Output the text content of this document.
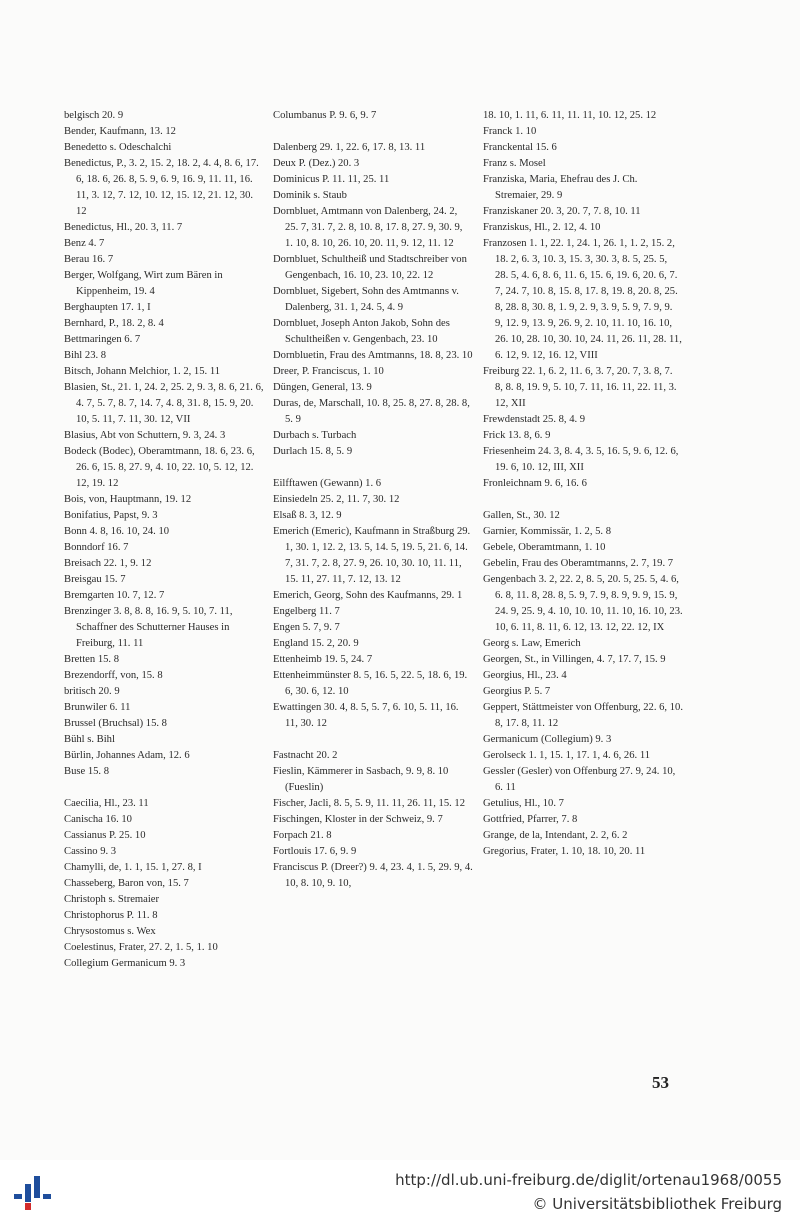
belgisch 20. 9
Bender, Kaufmann, 13. 12
Benedetto s. Odeschalchi
Benedictus, P., 3. 2, 15. 2, 18. 2, 4. 4, 8. 6, 17. 6, 18. 6, 26. 8, 5. 9, 6. 9, 16. 9, 11. 11, 16. 11, 3. 12, 7. 12, 10. 12, 15. 12, 21. 12, 30. 12
Benedictus, Hl., 20. 3, 11. 7
Benz 4. 7
Berau 16. 7
Berger, Wolfgang, Wirt zum Bären in Kippenheim, 19. 4
Berghaupten 17. 1, I
Bernhard, P., 18. 2, 8. 4
Bettmaringen 6. 7
Bihl 23. 8
Bitsch, Johann Melchior, 1. 2, 15. 11
Blasien, St., 21. 1, 24. 2, 25. 2, 9. 3, 8. 6, 21. 6, 4. 7, 5. 7, 8. 7, 14. 7, 4. 8, 31. 8, 15. 9, 20. 10, 5. 11, 7. 11, 30. 12, VII
Blasius, Abt von Schuttern, 9. 3, 24. 3
Bodeck (Bodec), Oberamtmann, 18. 6, 23. 6, 26. 6, 15. 8, 27. 9, 4. 10, 22. 10, 5. 12, 12. 12, 19. 12
Bois, von, Hauptmann, 19. 12
Bonifatius, Papst, 9. 3
Bonn 4. 8, 16. 10, 24. 10
Bonndorf 16. 7
Breisach 22. 1, 9. 12
Breisgau 15. 7
Bremgarten 10. 7, 12. 7
Brenzinger 3. 8, 8. 8, 16. 9, 5. 10, 7. 11, Schaffner des Schutterner Hauses in Freiburg, 11. 11
Bretten 15. 8
Brezendorff, von, 15. 8
britisch 20. 9
Brunwiler 6. 11
Brussel (Bruchsal) 15. 8
Bühl s. Bihl
Bürlin, Johannes Adam, 12. 6
Buse 15. 8
Caecilia, Hl., 23. 11
Canischa 16. 10
Cassianus P. 25. 10
Cassino 9. 3
Chamylli, de, 1. 1, 15. 1, 27. 8, I
Chasseberg, Baron von, 15. 7
Christoph s. Stremaier
Christophorus P. 11. 8
Chrysostomus s. Wex
Coelestinus, Frater, 27. 2, 1. 5, 1. 10
Collegium Germanicum 9. 3
Columbanus P. 9. 6, 9. 7
Dalenberg 29. 1, 22. 6, 17. 8, 13. 11
Deux P. (Dez.) 20. 3
Dominicus P. 11. 11, 25. 11
Dominik s. Staub
Dornbluet, Amtmann von Dalenberg, 24. 2, 25. 7, 31. 7, 2. 8, 10. 8, 17. 8, 27. 9, 30. 9, 1. 10, 8. 10, 26. 10, 20. 11, 9. 12, 11. 12
Dornbluet, Schultheiß und Stadtschreiber von Gengenbach, 16. 10, 23. 10, 22. 12
Dornbluet, Sigebert, Sohn des Amtmanns v. Dalenberg, 31. 1, 24. 5, 4. 9
Dornbluet, Joseph Anton Jakob, Sohn des Schultheißen v. Gengenbach, 23. 10
Dornbluetin, Frau des Amtmanns, 18. 8, 23. 10
Dreer, P. Franciscus, 1. 10
Düngen, General, 13. 9
Duras, de, Marschall, 10. 8, 25. 8, 27. 8, 28. 8, 5. 9
Durbach s. Turbach
Durlach 15. 8, 5. 9
Eilfftawen (Gewann) 1. 6
Einsiedeln 25. 2, 11. 7, 30. 12
Elsaß 8. 3, 12. 9
Emerich (Emeric), Kaufmann in Straßburg 29. 1, 30. 1, 12. 2, 13. 5, 14. 5, 19. 5, 21. 6, 14. 7, 31. 7, 2. 8, 27. 9, 26. 10, 30. 10, 11. 11, 15. 11, 27. 11, 7. 12, 13. 12
Emerich, Georg, Sohn des Kaufmanns, 29. 1
Engelberg 11. 7
Engen 5. 7, 9. 7
England 15. 2, 20. 9
Ettenheimb 19. 5, 24. 7
Ettenheimmünster 8. 5, 16. 5, 22. 5, 18. 6, 19. 6, 30. 6, 12. 10
Ewattingen 30. 4, 8. 5, 5. 7, 6. 10, 5. 11, 16. 11, 30. 12
Fastnacht 20. 2
Fieslin, Kämmerer in Sasbach, 9. 9, 8. 10 (Fueslin)
Fischer, Jacli, 8. 5, 5. 9, 11. 11, 26. 11, 15. 12
Fischingen, Kloster in der Schweiz, 9. 7
Forpach 21. 8
Fortlouis 17. 6, 9. 9
Franciscus P. (Dreer?) 9. 4, 23. 4, 1. 5, 29. 9, 4. 10, 8. 10, 9. 10,
18. 10, 1. 11, 6. 11, 11. 11, 10. 12, 25. 12
Franck 1. 10
Franckental 15. 6
Franz s. Mosel
Franziska, Maria, Ehefrau des J. Ch. Stremaier, 29. 9
Franziskaner 20. 3, 20. 7, 7. 8, 10. 11
Franziskus, Hl., 2. 12, 4. 10
Franzosen 1. 1, 22. 1, 24. 1, 26. 1, 1. 2, 15. 2, 18. 2, 6. 3, 10. 3, 15. 3, 30. 3, 8. 5, 25. 5, 28. 5, 4. 6, 8. 6, 11. 6, 15. 6, 19. 6, 20. 6, 7. 7, 24. 7, 10. 8, 15. 8, 17. 8, 19. 8, 20. 8, 25. 8, 28. 8, 30. 8, 1. 9, 2. 9, 3. 9, 5. 9, 7. 9, 9. 9, 12. 9, 13. 9, 26. 9, 2. 10, 11. 10, 16. 10, 26. 10, 28. 10, 30. 10, 24. 11, 26. 11, 28. 11, 6. 12, 9. 12, 16. 12, VIII
Freiburg 22. 1, 6. 2, 11. 6, 3. 7, 20. 7, 3. 8, 7. 8, 8. 8, 19. 9, 5. 10, 7. 11, 16. 11, 22. 11, 3. 12, XII
Frewdenstadt 25. 8, 4. 9
Frick 13. 8, 6. 9
Friesenheim 24. 3, 8. 4, 3. 5, 16. 5, 9. 6, 12. 6, 19. 6, 10. 12, III, XII
Fronleichnam 9. 6, 16. 6
Gallen, St., 30. 12
Garnier, Kommissär, 1. 2, 5. 8
Gebele, Oberamtmann, 1. 10
Gebelin, Frau des Oberamtmanns, 2. 7, 19. 7
Gengenbach 3. 2, 22. 2, 8. 5, 20. 5, 25. 5, 4. 6, 6. 8, 11. 8, 28. 8, 5. 9, 7. 9, 8. 9, 9. 9, 15. 9, 24. 9, 25. 9, 4. 10, 10. 10, 11. 10, 16. 10, 23. 10, 6. 11, 8. 11, 6. 12, 13. 12, 22. 12, IX
Georg s. Law, Emerich
Georgen, St., in Villingen, 4. 7, 17. 7, 15. 9
Georgius, Hl., 23. 4
Georgius P. 5. 7
Geppert, Stättmeister von Offenburg, 22. 6, 10. 8, 17. 8, 11. 12
Germanicum (Collegium) 9. 3
Gerolseck 1. 1, 15. 1, 17. 1, 4. 6, 26. 11
Gessler (Gesler) von Offenburg 27. 9, 24. 10, 6. 11
Getulius, Hl., 10. 7
Gottfried, Pfarrer, 7. 8
Grange, de la, Intendant, 2. 2, 6. 2
Gregorius, Frater, 1. 10, 18. 10, 20. 11
53
http://dl.ub.uni-freiburg.de/diglit/ortenau1968/0055
© Universitätsbibliothek Freiburg
